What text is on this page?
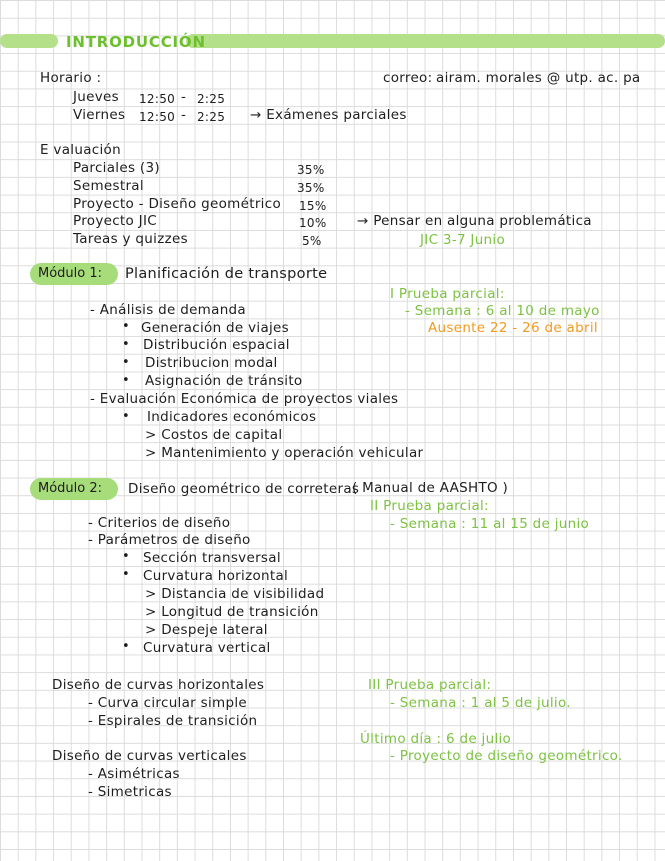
INTRODUCCIÓN
Horario :	correo: airam. morales @ utp. ac. pa
Jueves 12:50 - 2:25
Viernes 12:50 - 2:25 → Exámenes parciales
E valuación
Parciales (3)	35%
Semestral	35%
Proyecto - Diseño geométrico 15%
Proyecto JIC	10% → Pensar en alguna problemática
Tareas y quizzes	5%	JIC 3-7 Junio
Módulo 1: Planificación de transporte
I Prueba parcial:
- Análisis de demanda	- Semana : 6 al 10 de mayo
• Generación de viajes	Ausente 22 - 26 de abril
• Distribución espacial
• Distribucion modal
• Asignación de tránsito
- Evaluación Económica de proyectos viales
• Indicadores económicos
> Costos de capital
> Mantenimiento y operación vehicular
Módulo 2: Diseño geométrico de correteras
( Manual de AASHTO )
II Prueba parcial:
- Criterios de diseño	- Semana : 11 al 15 de junio
- Parámetros de diseño
• Sección transversal
• Curvatura horizontal
> Distancia de visibilidad
> Longitud de transición
> Despeje lateral
• Curvatura vertical
Diseño de curvas horizontales	III Prueba parcial:
- Curva circular simple	- Semana : 1 al 5 de julio.
- Espirales de transición
Último día : 6 de julio
Diseño de curvas verticales	- Proyecto de diseño geométrico.
- Asimétricas
- Simetricas
